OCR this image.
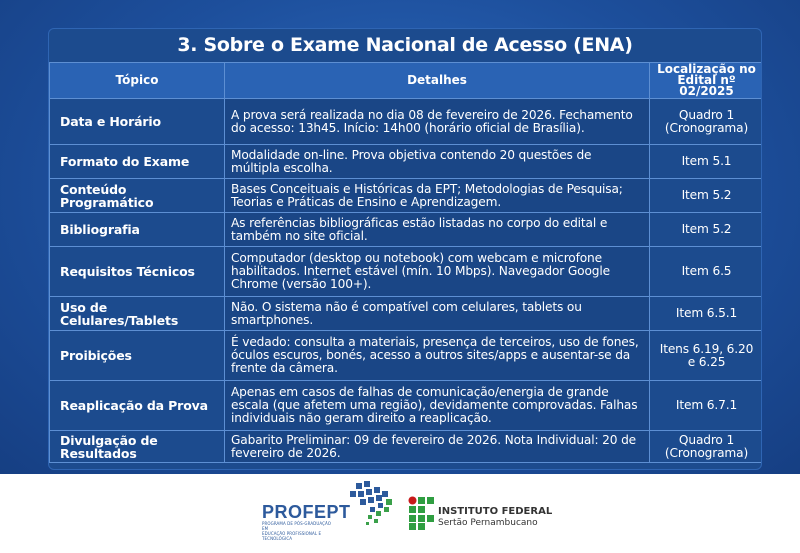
3. Sobre o Exame Nacional de Acesso (ENA)
Tópico	Detalhes	Localização no Edital nº 02/2025
Data e Horário	A prova será realizada no dia 08 de fevereiro de 2026. Fechamento do acesso: 13h45. Início: 14h00 (horário oficial de Brasília).	Quadro 1 (Cronograma)
Formato do Exame	Modalidade on-line. Prova objetiva contendo 20 questões de múltipla escolha.	Item 5.1
Conteúdo Programático	Bases Conceituais e Históricas da EPT; Metodologias de Pesquisa; Teorias e Práticas de Ensino e Aprendizagem.	Item 5.2
Bibliografia	As referências bibliográficas estão listadas no corpo do edital e também no site oficial.	Item 5.2
Requisitos Técnicos	Computador (desktop ou notebook) com webcam e microfone habilitados. Internet estável (mín. 10 Mbps). Navegador Google Chrome (versão 100+).	Item 6.5
Uso de Celulares/Tablets	Não. O sistema não é compatível com celulares, tablets ou smartphones.	Item 6.5.1
Proibições	É vedado: consulta a materiais, presença de terceiros, uso de fones, óculos escuros, bonés, acesso a outros sites/apps e ausentar-se da frente da câmera.	Itens 6.19, 6.20 e 6.25
Reaplicação da Prova	Apenas em casos de falhas de comunicação/energia de grande escala (que afetem uma região), devidamente comprovadas. Falhas individuais não geram direito a reaplicação.	Item 6.7.1
Divulgação de Resultados	Gabarito Preliminar: 09 de fevereiro de 2026. Nota Individual: 20 de fevereiro de 2026.	Quadro 1 (Cronograma)
PROFEPT
PROGRAMA DE PÓS-GRADUAÇÃO EM
EDUCAÇÃO PROFISSIONAL E TECNOLÓGICA
INSTITUTO FEDERAL
Sertão Pernambucano
